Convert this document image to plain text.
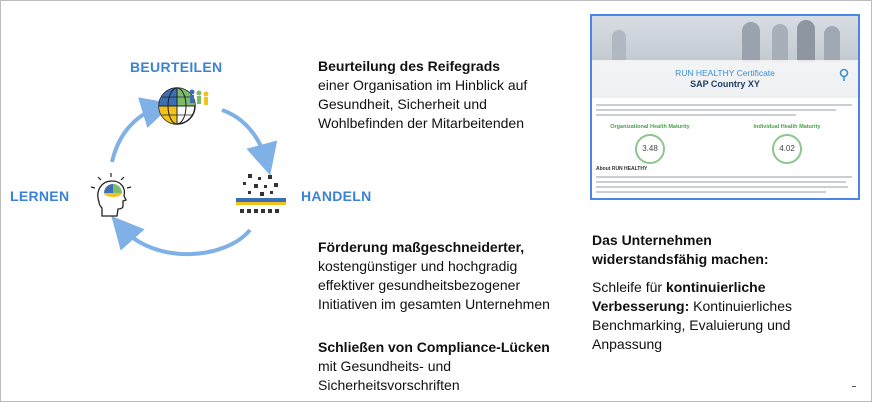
BEURTEILEN
HANDELN
LERNEN
Beurteilung des Reifegrads
einer Organisation im Hinblick auf
Gesundheit, Sicherheit und
Wohlbefinden der Mitarbeitenden
Förderung maßgeschneiderter,
kostengünstiger und hochgradig
effektiver gesundheitsbezogener
Initiativen im gesamten Unternehmen
Schließen von Compliance-Lücken
mit Gesundheits- und
Sicherheitsvorschriften
Das Unternehmen
widerstandsfähig machen:
Schleife für kontinuierliche
Verbesserung: Kontinuierliches
Benchmarking, Evaluierung und
Anpassung
RUN HEALTHY Certificate
SAP Country XY
Organizational Health Maturity	Individual Health Maturity
3.48	4.02
About RUN HEALTHY
